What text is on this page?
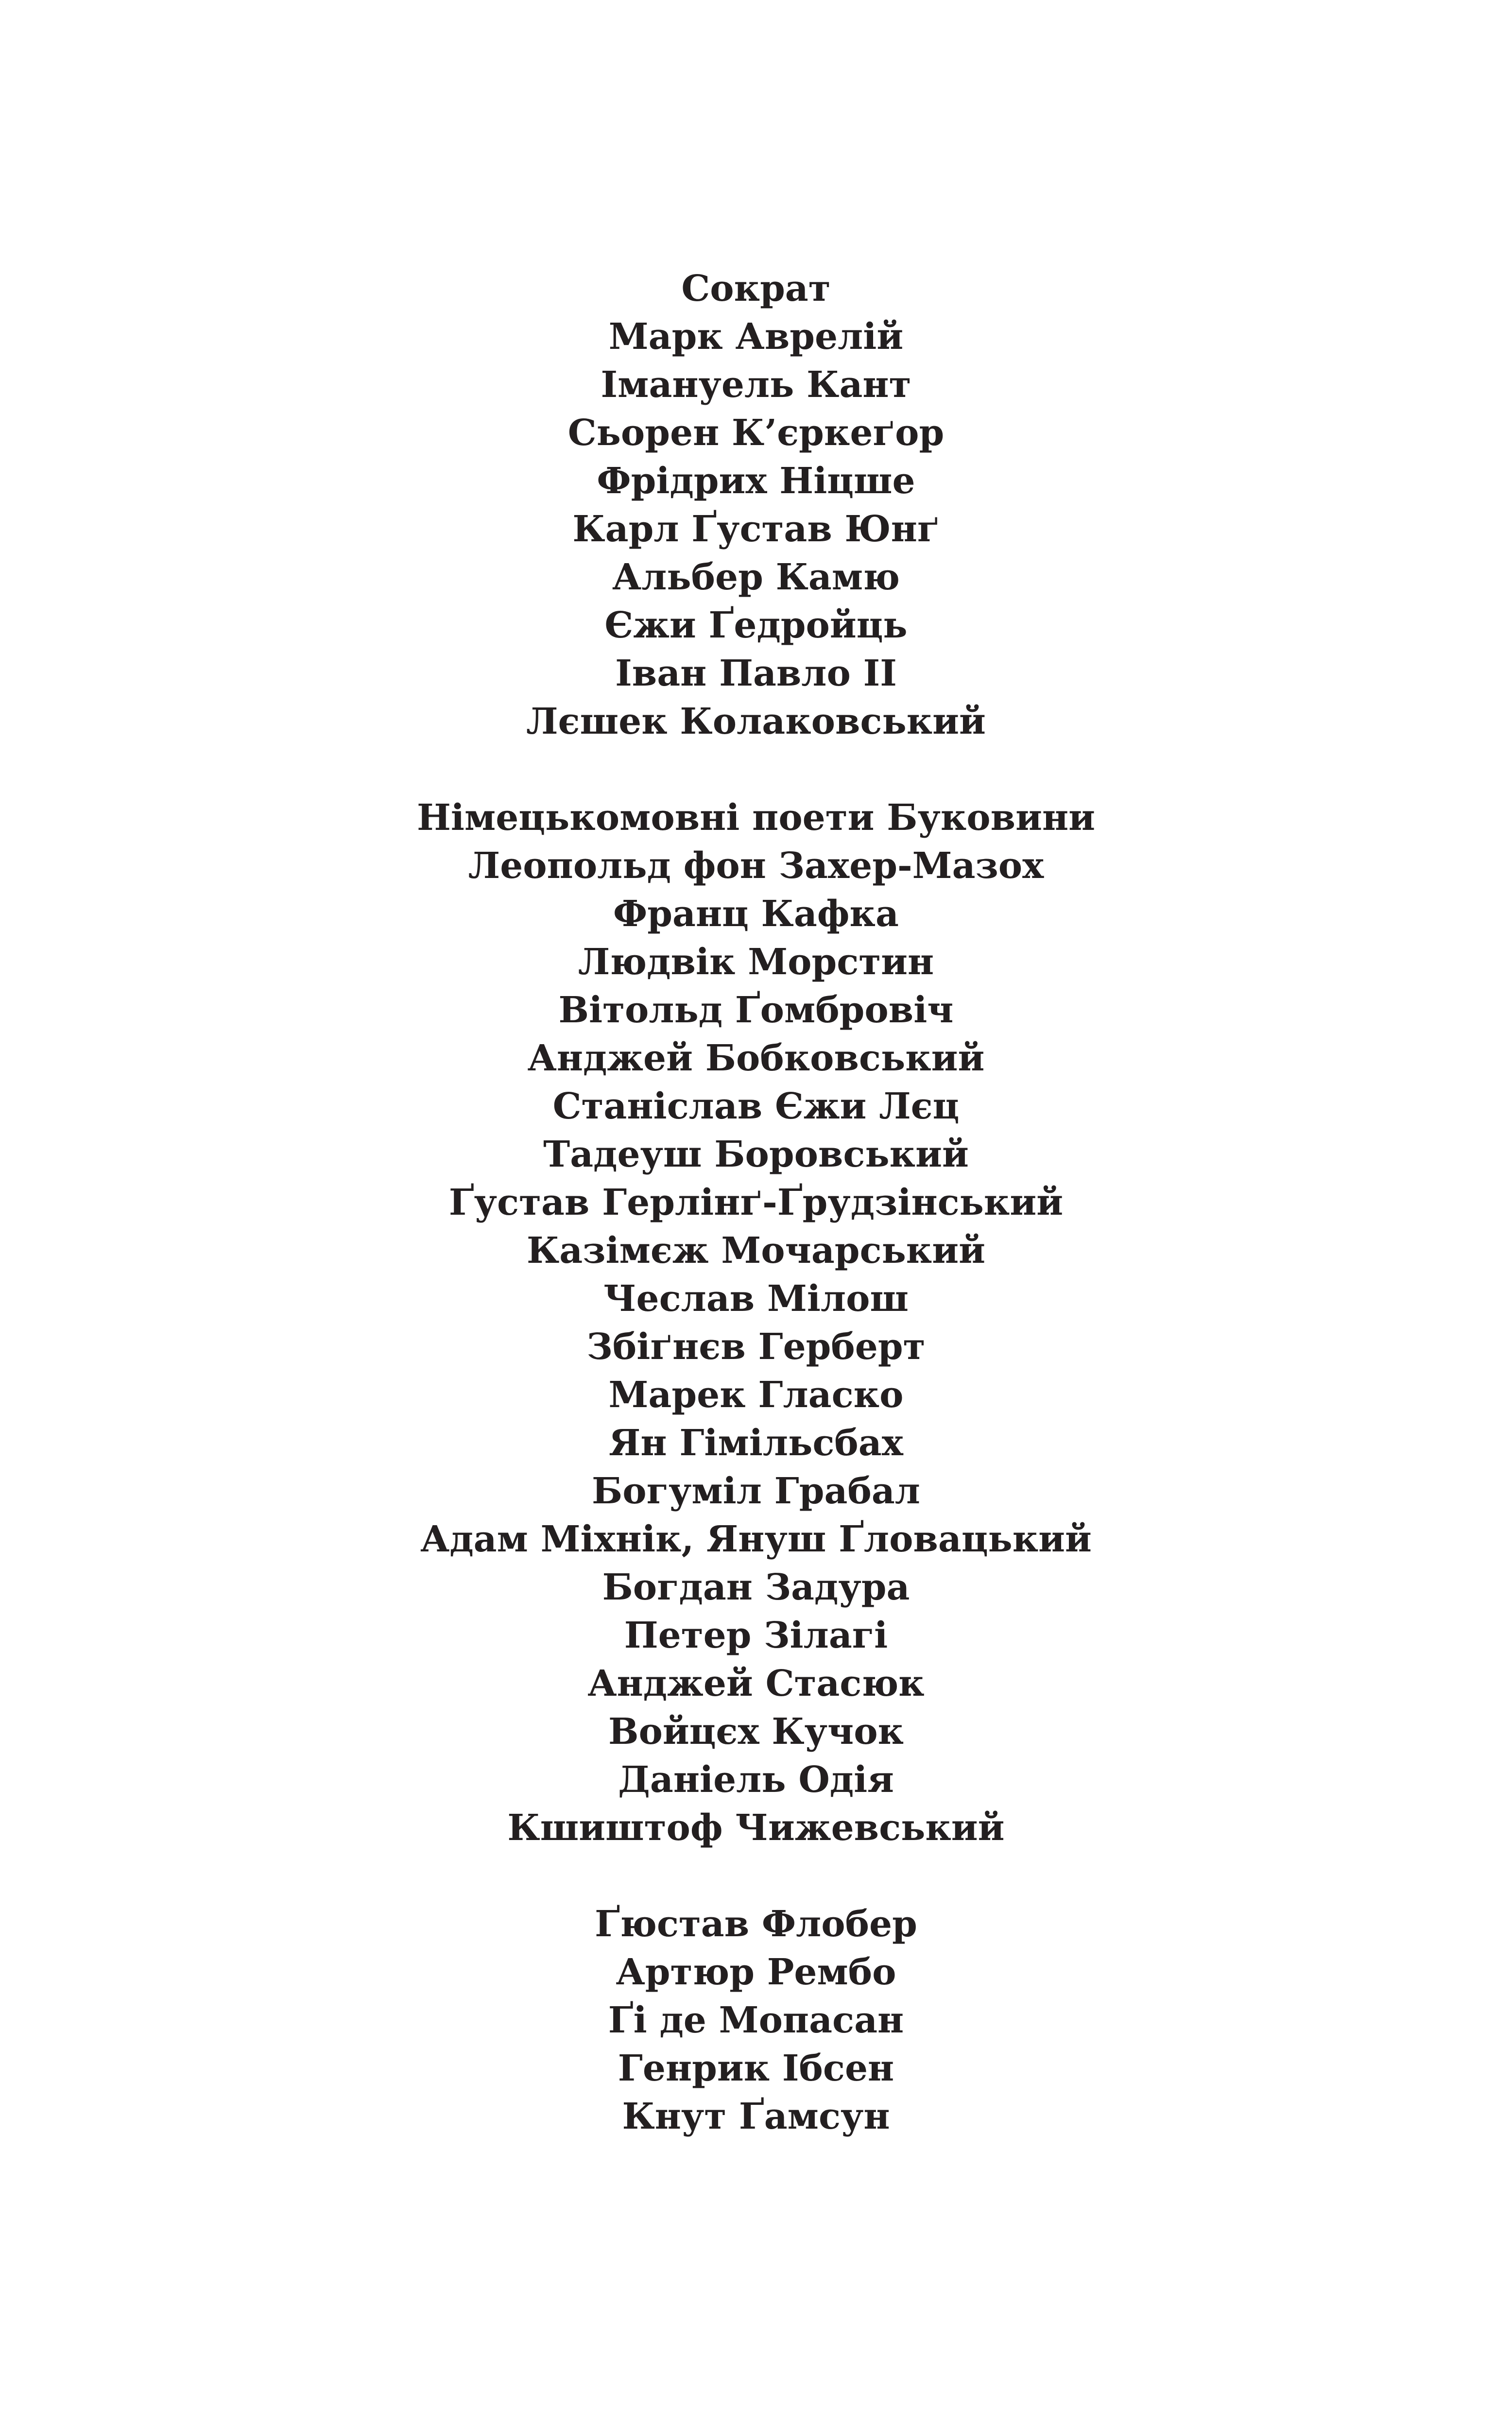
Сократ
Марк Аврелій
Імануель Кант
Сьорен К’єркеґор
Фрідрих Ніцше
Карл Ґустав Юнґ
Альбер Камю
Єжи Ґедройць
Іван Павло II
Лєшек Колаковський
Німецькомовні поети Буковини
Леопольд фон Захер-Мазох
Франц Кафка
Людвік Морстин
Вітольд Ґомбровіч
Анджей Бобковський
Станіслав Єжи Лєц
Тадеуш Боровський
Ґустав Герлінґ-Ґрудзінський
Казімєж Мочарський
Чеслав Мілош
Збіґнєв Герберт
Марек Гласко
Ян Гімільсбах
Богуміл Грабал
Адам Міхнік, Януш Ґловацький
Богдан Задура
Петер Зілагі
Анджей Стасюк
Войцєх Кучок
Даніель Одія
Кшиштоф Чижевський
Ґюстав Флобер
Артюр Рембо
Ґі де Мопасан
Генрик Ібсен
Кнут Ґамсун
